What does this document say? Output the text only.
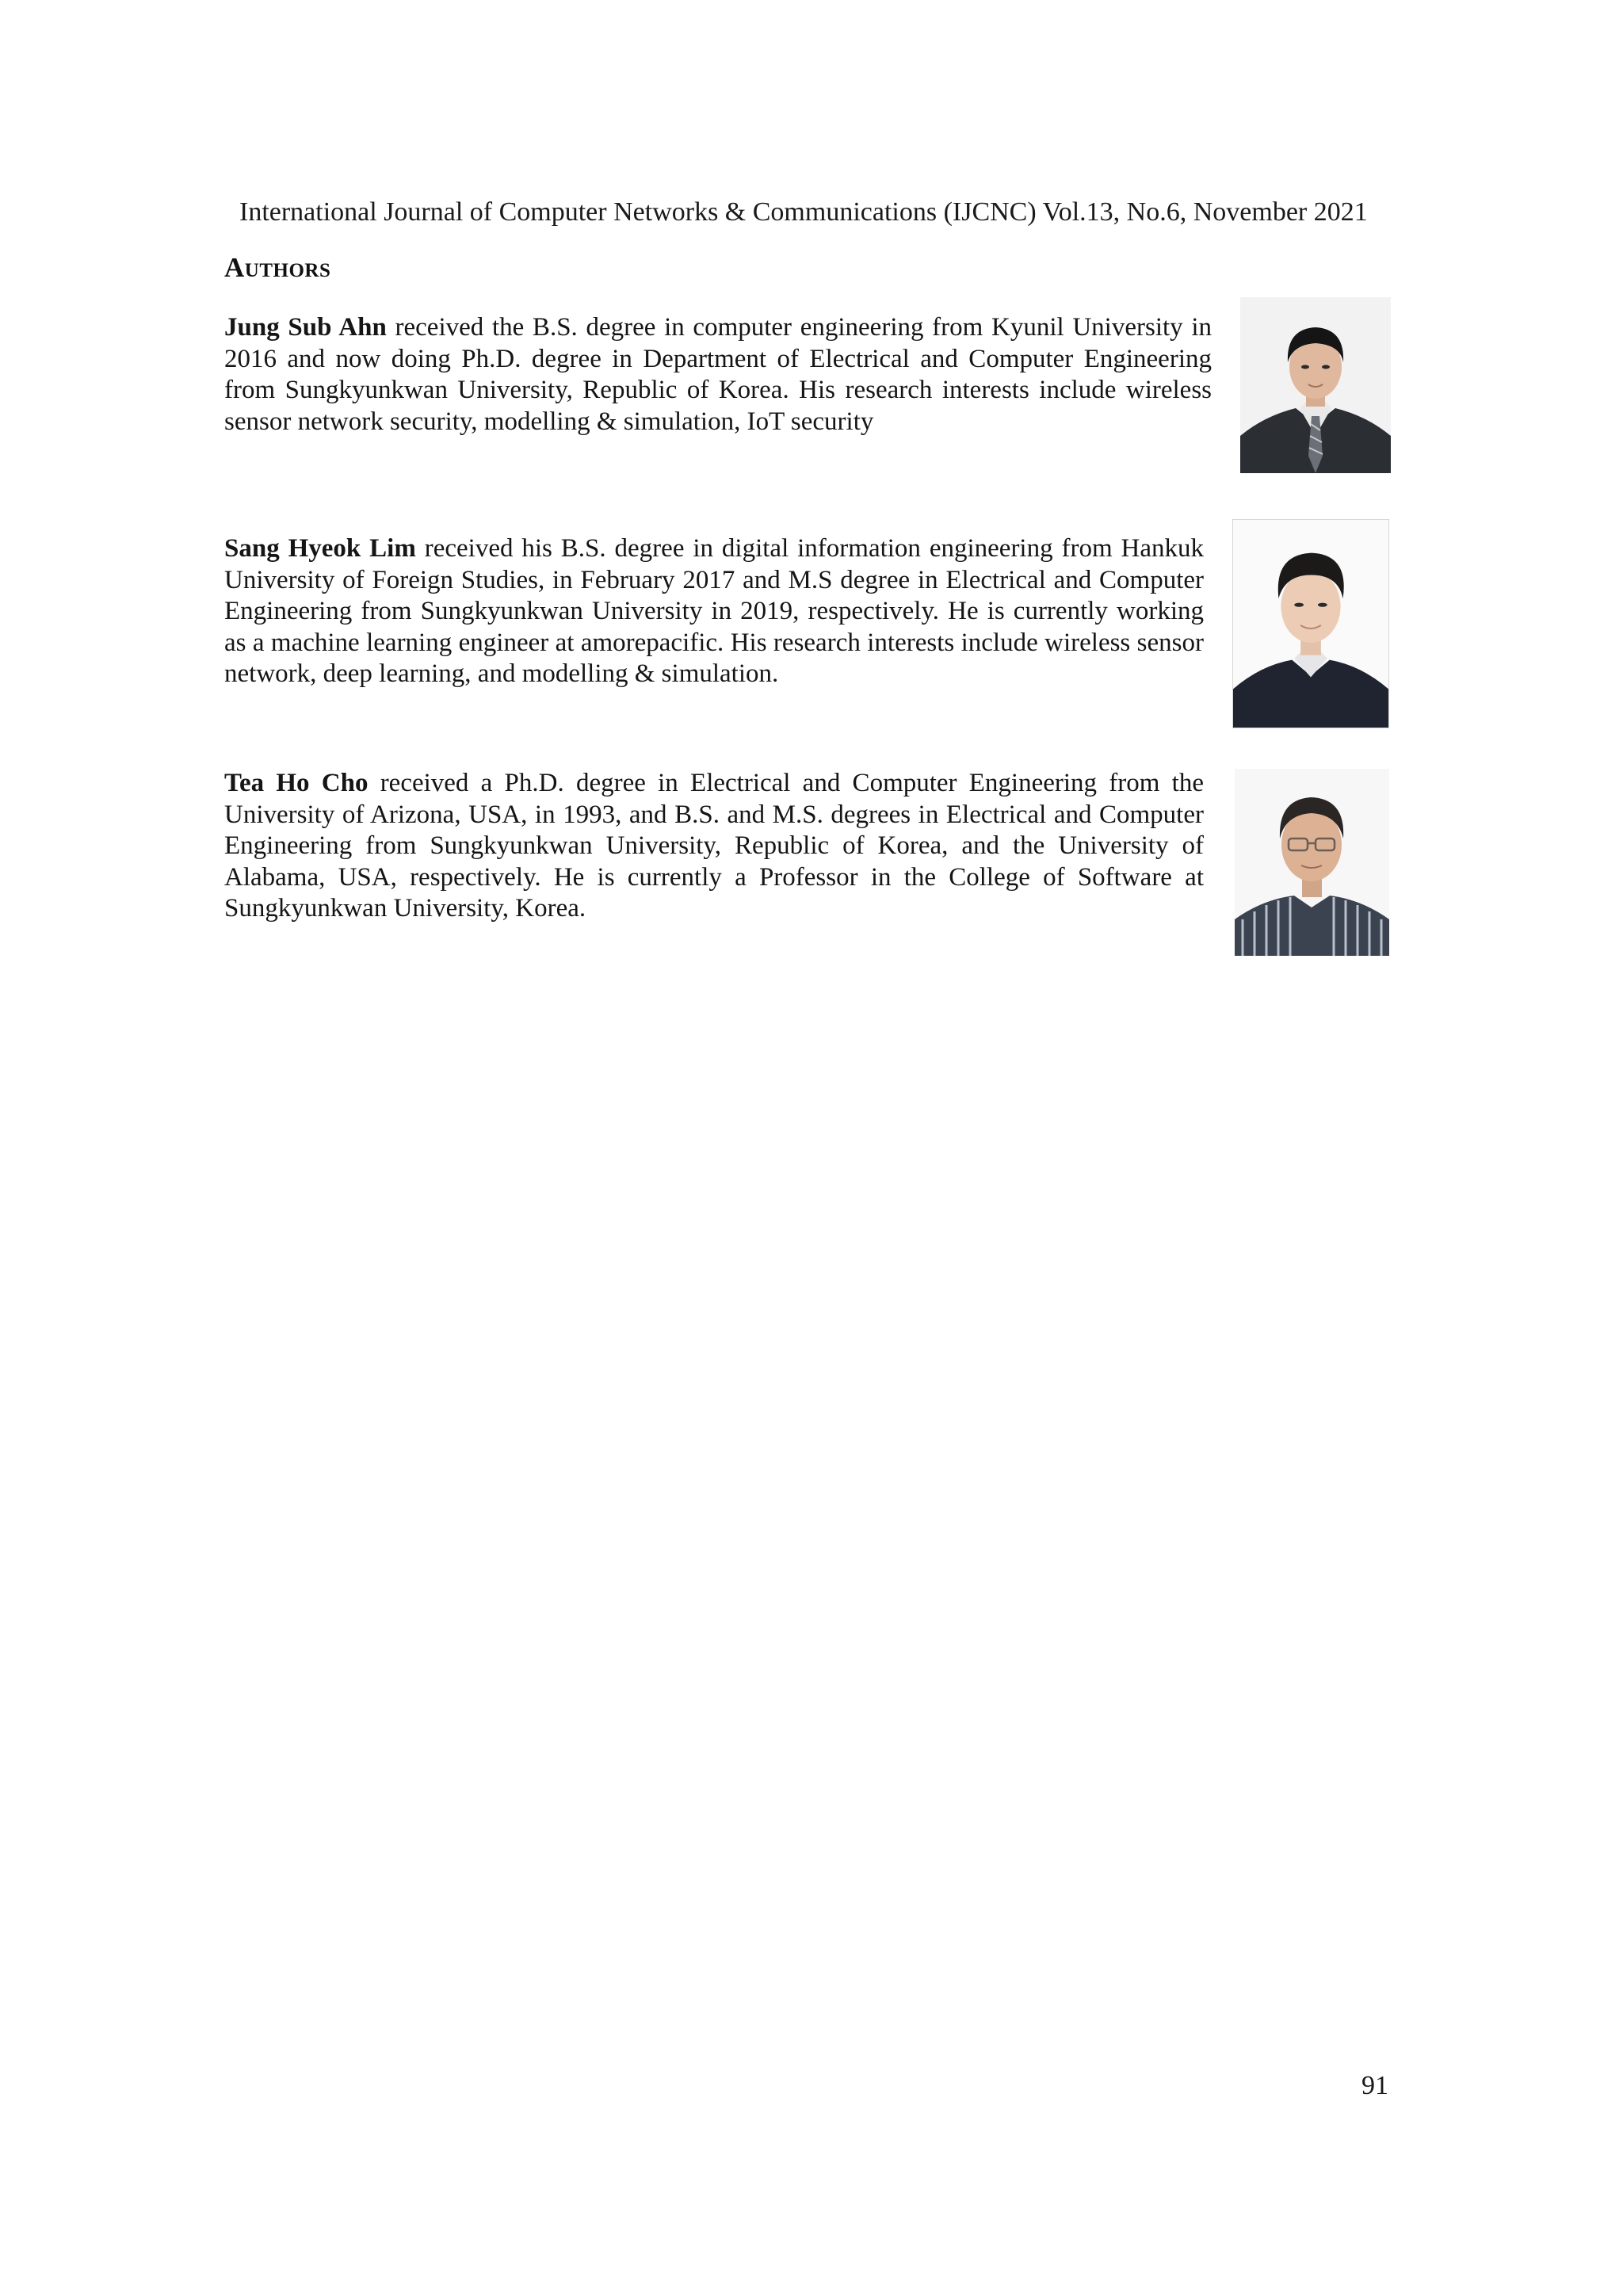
International Journal of Computer Networks & Communications (IJCNC) Vol.13, No.6, November 2021
Authors
Jung Sub Ahn received the B.S. degree in computer engineering from Kyunil University in 2016 and now doing Ph.D. degree in Department of Electrical and Computer Engineering from Sungkyunkwan University, Republic of Korea. His research interests include wireless sensor network security, modelling & simulation, IoT security
Sang Hyeok Lim received his B.S. degree in digital information engineering from Hankuk University of Foreign Studies, in February 2017 and M.S degree in Electrical and Computer Engineering from Sungkyunkwan University in 2019, respectively. He is currently working as a machine learning engineer at amorepacific. His research interests include wireless sensor network, deep learning, and modelling & simulation.
Tea Ho Cho received a Ph.D. degree in Electrical and Computer Engineering from the University of Arizona, USA, in 1993, and B.S. and M.S. degrees in Electrical and Computer Engineering from Sungkyunkwan University, Republic of Korea, and the University of Alabama, USA, respectively. He is currently a Professor in the College of Software at Sungkyunkwan University, Korea.
91
